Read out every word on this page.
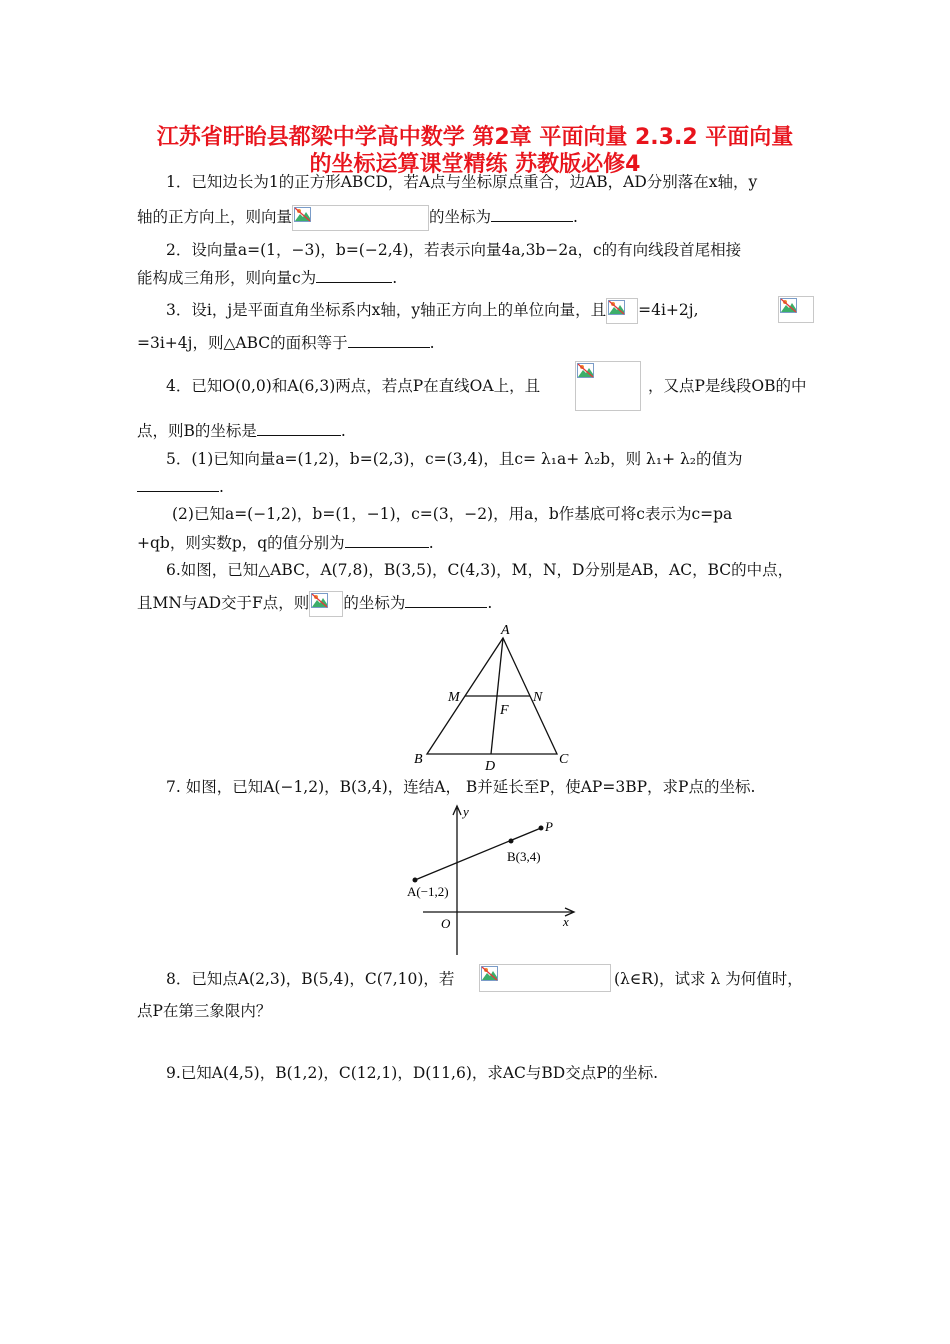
江苏省盱眙县都梁中学高中数学 第2章 平面向量 2.3.2 平面向量
的坐标运算课堂精练 苏教版必修4
1．已知边长为1的正方形ABCD，若A点与坐标原点重合，边AB，AD分别落在x轴，y
轴的正方向上，则向量	的坐标为	.
2．设向量a=(1，−3)，b=(−2,4)，若表示向量4a,3b−2a，c的有向线段首尾相接
能构成三角形，则向量c为	.
3．设i，j是平面直角坐标系内x轴，y轴正方向上的单位向量，且 =4i+2j,
=3i+4j，则△ABC的面积等于	.
4．已知O(0,0)和A(6,3)两点，若点P在直线OA上，且	，又点P是线段OB的中
点，则B的坐标是	.
5．(1)已知向量a=(1,2)，b=(2,3)，c=(3,4)，且c= λ₁a+ λ₂b，则 λ₁+ λ₂的值为
.
(2)已知a=(−1,2)，b=(1，−1)，c=(3，−2)，用a，b作基底可将c表示为c=pa
+qb，则实数p，q的值分别为	.
6.如图，已知△ABC，A(7,8)，B(3,5)，C(4,3)，M，N，D分别是AB，AC，BC的中点，
且MN与AD交于F点，则 的坐标为	.
A
B	C
M	N
F
D
7. 如图，已知A(−1,2)，B(3,4)，连结A， B并延长至P，使AP=3BP，求P点的坐标.
y
x
O
P
B(3,4)
A(−1,2)
8．已知点A(2,3)，B(5,4)，C(7,10)，若	(λ∈R)，试求 λ 为何值时，
点P在第三象限内？
9.已知A(4,5)，B(1,2)，C(12,1)，D(11,6)，求AC与BD交点P的坐标.
